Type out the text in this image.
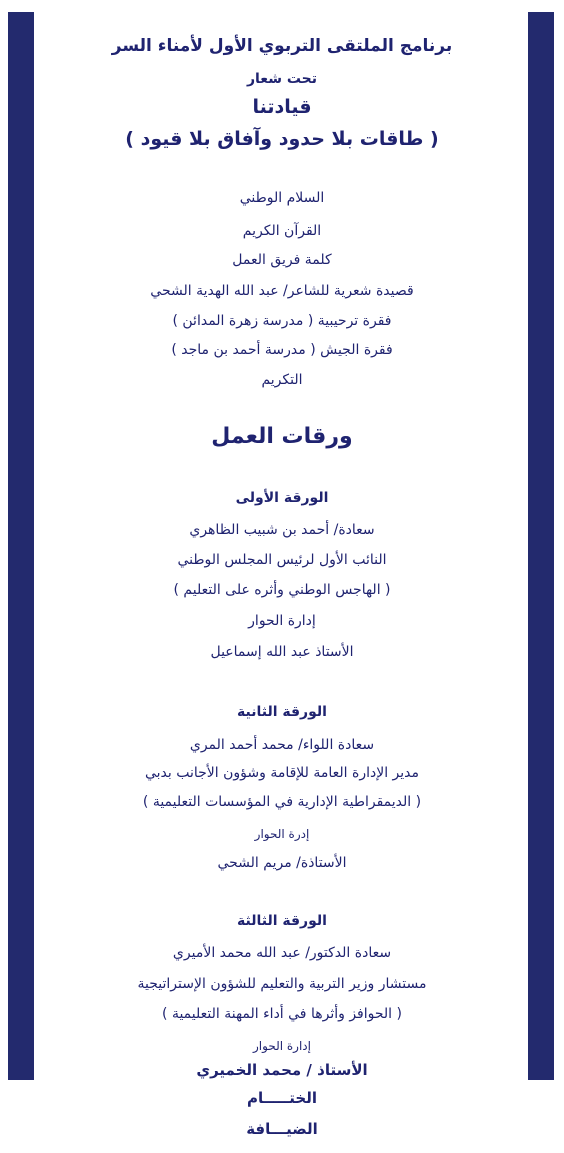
برنامج الملتقى التربوي الأول لأمناء السر
تحت شعار
قيادتنا
( طاقات بلا حدود وآفاق بلا قيود )
السلام الوطني
القرآن الكريم
كلمة فريق العمل
قصيدة شعرية للشاعر/ عبد الله الهدية الشحي
فقرة ترحيبية ( مدرسة زهرة المدائن )
فقرة الجيش ( مدرسة أحمد بن ماجد )
التكريم
ورقات العمل
الورقة الأولى
سعادة/ أحمد بن شبيب الظاهري
النائب الأول لرئيس المجلس الوطني
( الهاجس الوطني وأثره على التعليم )
إدارة الحوار
الأستاذ عبد الله إسماعيل
الورقة الثانية
سعادة اللواء/ محمد أحمد المري
مدير الإدارة العامة للإقامة وشؤون الأجانب بدبي
( الديمقراطية الإدارية في المؤسسات التعليمية )
إدرة الحوار
الأستاذة/ مريم الشحي
الورقة الثالثة
سعادة الدكتور/ عبد الله محمد الأميري
مستشار وزير التربية والتعليم للشؤون الإستراتيجية
( الحوافز وأثرها في أداء المهنة التعليمية )
إدارة الحوار
الأستاذ / محمد الخميري
الختـــــام
الضيـــافة
